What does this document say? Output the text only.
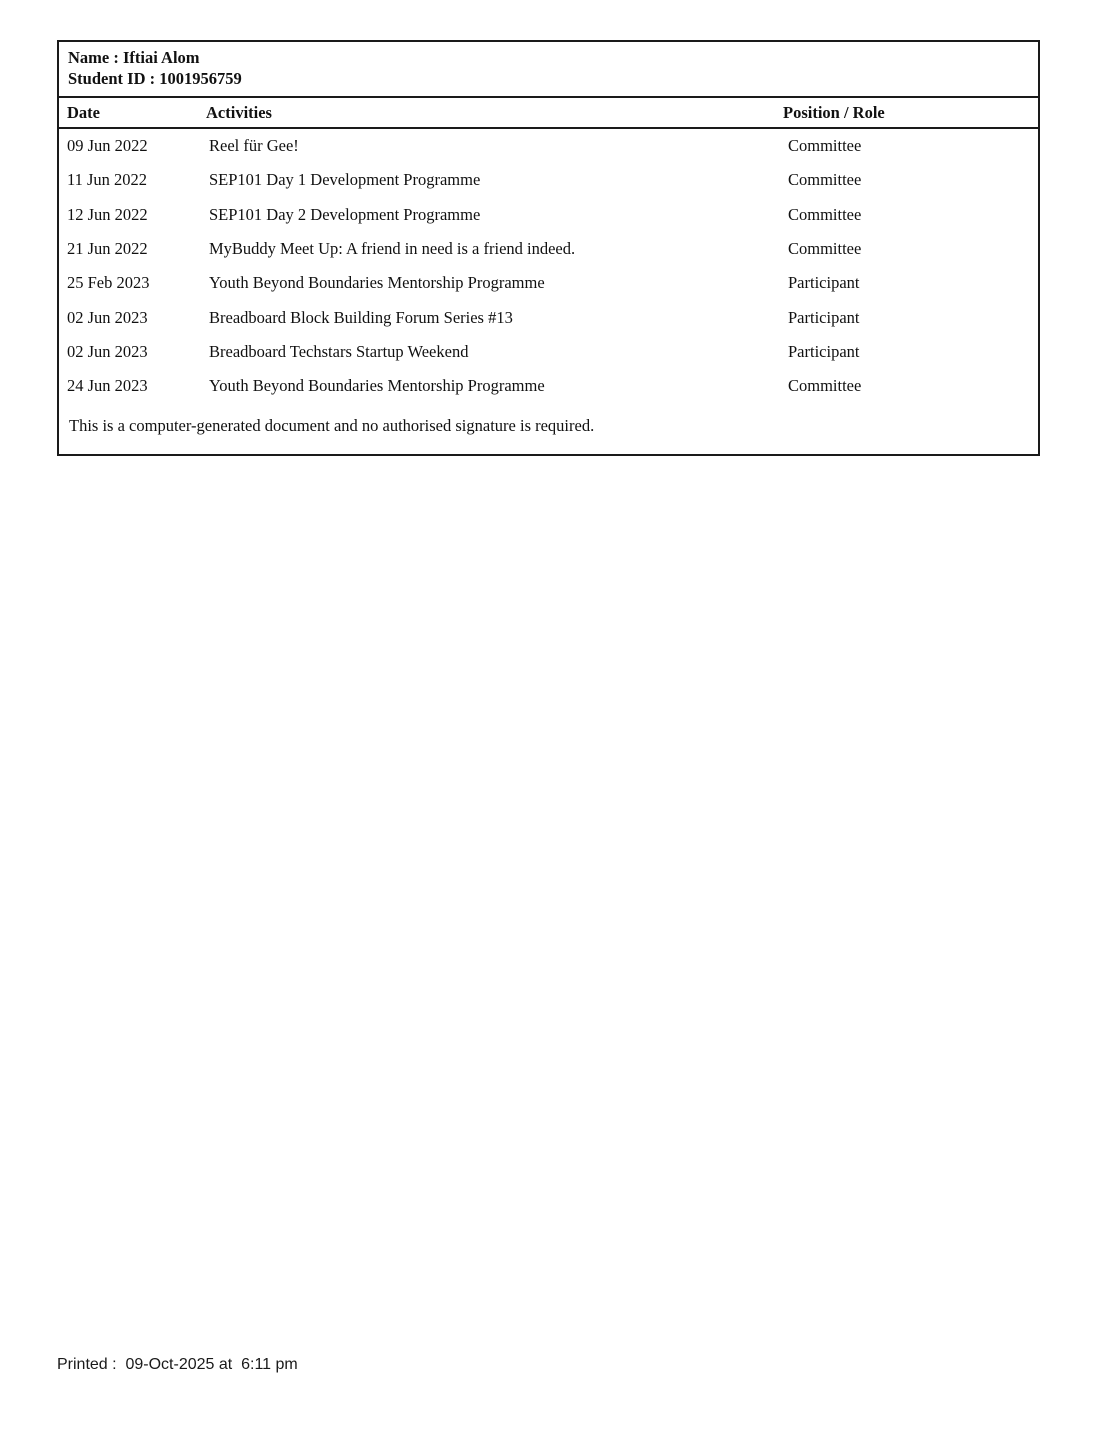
Name : Iftiai Alom
Student ID : 1001956759
Date	Activities	Position / Role
09 Jun 2022	Reel für Gee!	Committee
11 Jun 2022	SEP101 Day 1 Development Programme	Committee
12 Jun 2022	SEP101 Day 2 Development Programme	Committee
21 Jun 2022	MyBuddy Meet Up: A friend in need is a friend indeed.	Committee
25 Feb 2023	Youth Beyond Boundaries Mentorship Programme	Participant
02 Jun 2023	Breadboard Block Building Forum Series #13	Participant
02 Jun 2023	Breadboard Techstars Startup Weekend	Participant
24 Jun 2023	Youth Beyond Boundaries Mentorship Programme	Committee
This is a computer-generated document and no authorised signature is required.
Printed :  09-Oct-2025 at  6:11 pm
